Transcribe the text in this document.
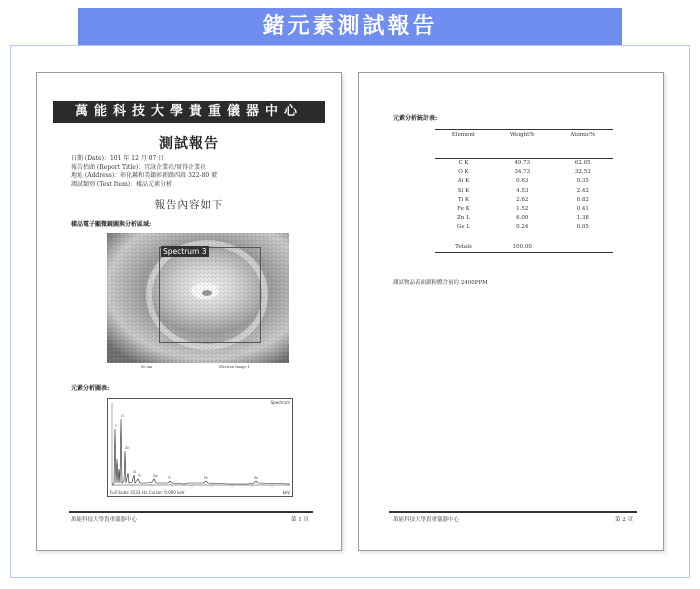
鍺元素測試報告
萬能科技大學貴重儀器中心
測試報告
日期 (Date)：101 年 12 月 07 日
報告抬頭 (Report Title)：宜詠企業社/實得企業社
地址 (Address)：彰化縣和美鎮彰新路四段 322-80 號
測試類別 (Test Item)：樣品元素分析
報告內容如下
樣品電子顯微鏡圖與分析區域:
Spectrum 3
80 um	Electron Image 1
元素分析圖表:
C
O
Zn
Si
Ti	Ge	Ti	Fe	Zn
Spectrum
Full Scale 3533 cts Cursor: 0.000 keV	keV
萬能科技大學貴重儀器中心	第 1 頁
元素分析統計表:
Element	Weight%	Atomic%
C K	49.73	62.05
O K	34.73	32.53
Al K	0.63	0.35
Si K	4.53	2.42
Ti K	2.62	0.82
Fe K	1.52	0.41
Zn L	6.00	1.38
Ge L	0.24	0.05
Totals	100.00	
測試物品表面鍺粉體含量約 2400PPM
萬能科技大學貴重儀器中心	第 2 頁
